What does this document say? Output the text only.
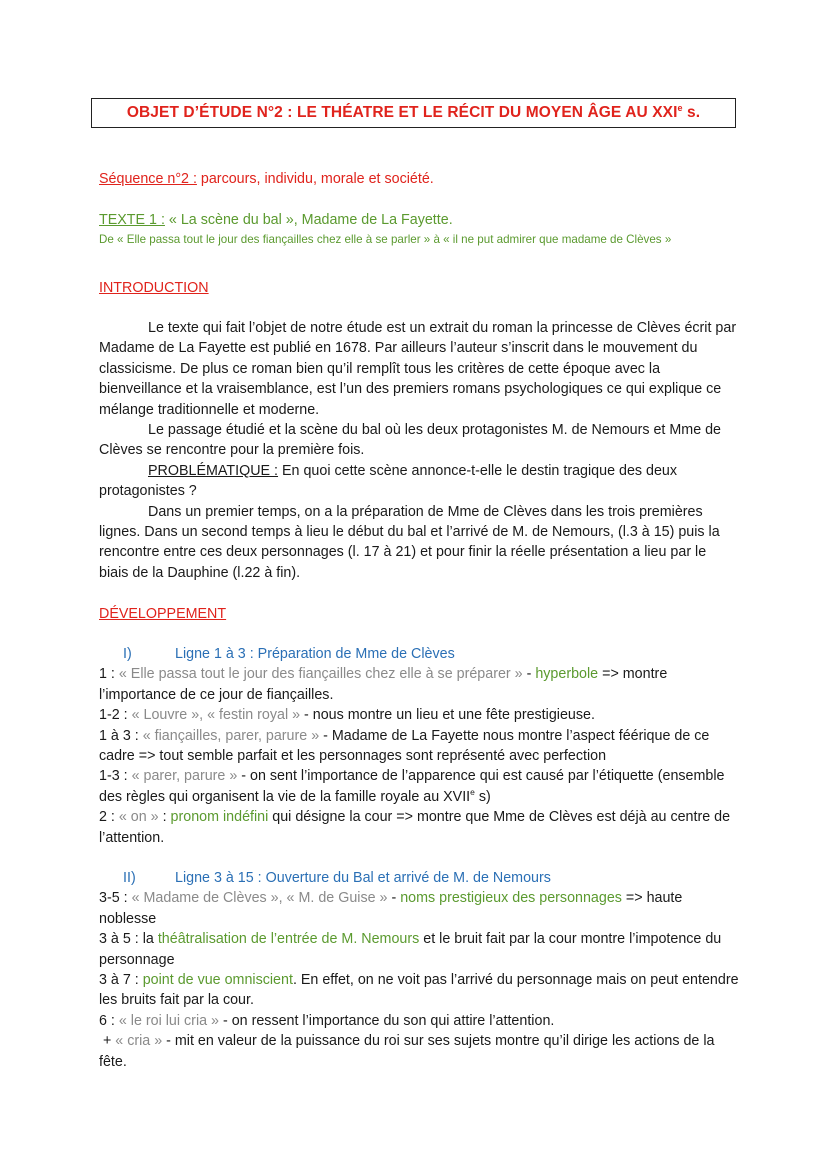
OBJET D’ÉTUDE N°2 : LE THÉATRE ET LE RÉCIT DU MOYEN ÂGE AU XXIe s.
Séquence n°2 : parcours, individu, morale et société.
TEXTE 1 : « La scène du bal », Madame de La Fayette.
De « Elle passa tout le jour des fiançailles chez elle à se parler » à « il ne put admirer que madame de Clèves »
INTRODUCTION

Le texte qui fait l’objet de notre étude est un extrait du roman la princesse de Clèves écrit par Madame de La Fayette est publié en 1678. Par ailleurs l’auteur s’inscrit dans le mouvement du classicisme. De plus ce roman bien qu’il remplît tous les critères de cette époque avec la bienveillance et la vraisemblance, est l’un des premiers romans psychologiques ce qui explique ce mélange traditionnelle et moderne.

Le passage étudié et la scène du bal où les deux protagonistes M. de Nemours et Mme de Clèves se rencontre pour la première fois.

PROBLÉMATIQUE : En quoi cette scène annonce-t-elle le destin tragique des deux protagonistes ?

Dans un premier temps, on a la préparation de Mme de Clèves dans les trois premières lignes. Dans un second temps à lieu le début du bal et l’arrivé de M. de Nemours, (l.3 à 15) puis la rencontre entre ces deux personnages (l. 17 à 21) et pour finir la réelle présentation a lieu par le biais de la Dauphine (l.22 à fin).

DÉVELOPPEMENT
I)	Ligne 1 à 3 : Préparation de Mme de Clèves

1 : « Elle passa tout le jour des fiançailles chez elle à se préparer » - hyperbole => montre l’importance de ce jour de fiançailles.

1-2 : « Louvre », « festin royal » - nous montre un lieu et une fête prestigieuse.

1 à 3 : « fiançailles, parer, parure » - Madame de La Fayette nous montre l’aspect féérique de ce cadre => tout semble parfait et les personnages sont représenté avec perfection

1-3 : « parer, parure » - on sent l’importance de l’apparence qui est causé par l’étiquette (ensemble des règles qui organisent la vie de la famille royale au XVIIe s)

2 : « on » : pronom indéfini qui désigne la cour => montre que Mme de Clèves est déjà au centre de l’attention.

II)	Ligne 3 à 15 : Ouverture du Bal et arrivé de M. de Nemours

3-5 : « Madame de Clèves », « M. de Guise » - noms prestigieux des personnages => haute noblesse

3 à 5 : la théâtralisation de l’entrée de M. Nemours et le bruit fait par la cour montre l’impotence du personnage

3 à 7 : point de vue omniscient. En effet, on ne voit pas l’arrivé du personnage mais on peut entendre les bruits fait par la cour.

6 : « le roi lui cria » - on ressent l’importance du son qui attire l’attention.

+ « cria » - mit en valeur de la puissance du roi sur ses sujets montre qu’il dirige les actions de la fête.
